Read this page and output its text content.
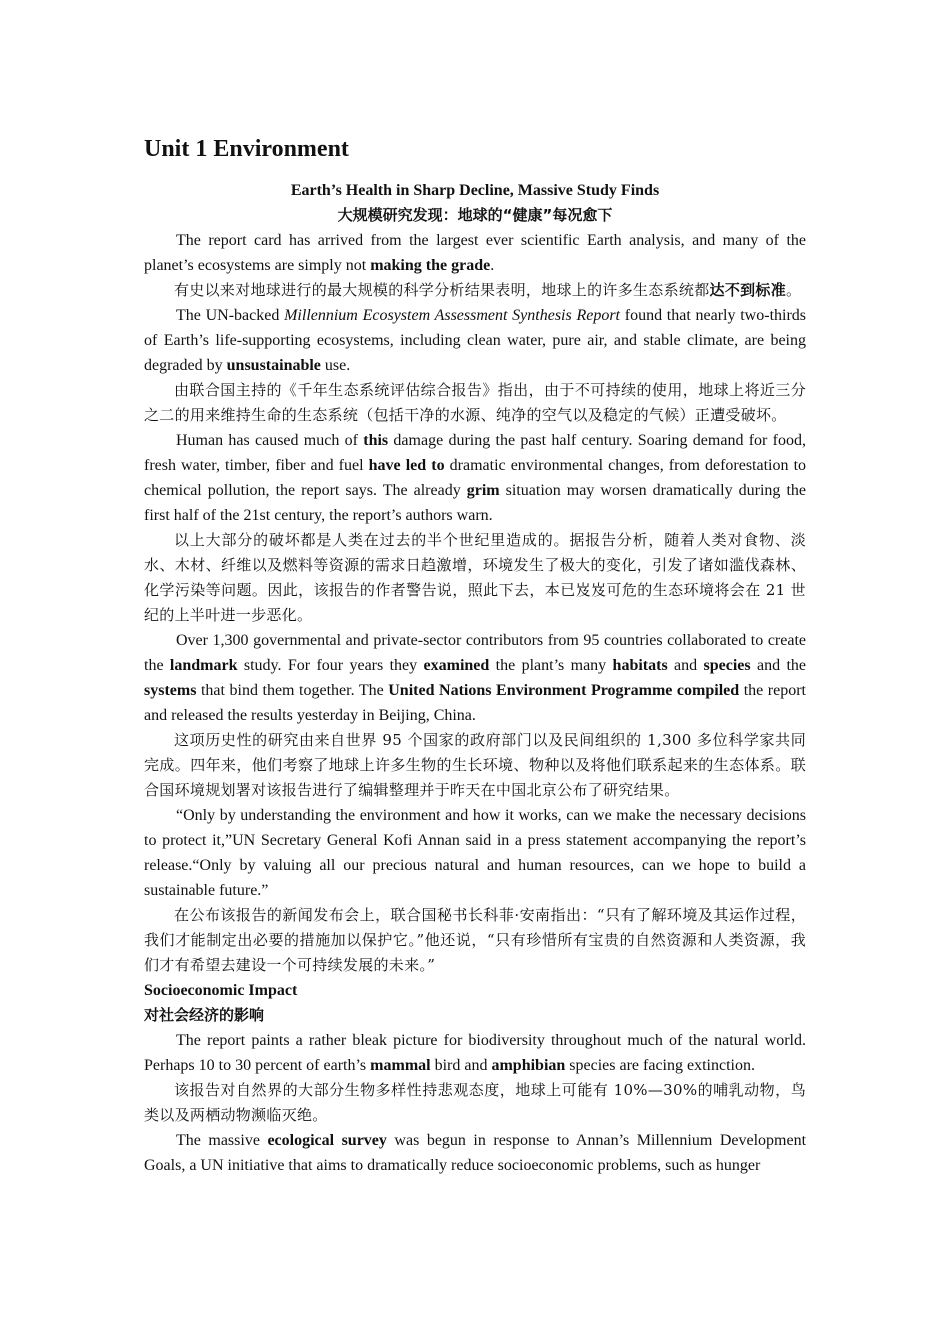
Unit 1 Environment
Earth’s Health in Sharp Decline, Massive Study Finds
大规模研究发现：地球的“健康”每况愈下

The report card has arrived from the largest ever scientific Earth analysis, and many of the planet’s ecosystems are simply not making the grade.

有史以来对地球进行的最大规模的科学分析结果表明，地球上的许多生态系统都达不到标准。

The UN-backed Millennium Ecosystem Assessment Synthesis Report found that nearly two-thirds of Earth’s life-supporting ecosystems, including clean water, pure air, and stable climate, are being degraded by unsustainable use.

由联合国主持的《千年生态系统评估综合报告》指出，由于不可持续的使用，地球上将近三分之二的用来维持生命的生态系统（包括干净的水源、纯净的空气以及稳定的气候）正遭受破坏。

Human has caused much of this damage during the past half century. Soaring demand for food, fresh water, timber, fiber and fuel have led to dramatic environmental changes, from deforestation to chemical pollution, the report says. The already grim situation may worsen dramatically during the first half of the 21st century, the report’s authors warn.

以上大部分的破坏都是人类在过去的半个世纪里造成的。据报告分析，随着人类对食物、淡水、木材、纤维以及燃料等资源的需求日趋激增，环境发生了极大的变化，引发了诸如滥伐森林、化学污染等问题。因此，该报告的作者警告说，照此下去，本已岌岌可危的生态环境将会在 21 世纪的上半叶进一步恶化。

Over 1,300 governmental and private-sector contributors from 95 countries collaborated to create the landmark study. For four years they examined the plant’s many habitats and species and the systems that bind them together. The United Nations Environment Programme compiled the report and released the results yesterday in Beijing, China.

这项历史性的研究由来自世界 95 个国家的政府部门以及民间组织的 1,300 多位科学家共同完成。四年来，他们考察了地球上许多生物的生长环境、物种以及将他们联系起来的生态体系。联合国环境规划署对该报告进行了编辑整理并于昨天在中国北京公布了研究结果。

“Only by understanding the environment and how it works, can we make the necessary decisions to protect it,”UN Secretary General Kofi Annan said in a press statement accompanying the report’s release.“Only by valuing all our precious natural and human resources, can we hope to build a sustainable future.”

在公布该报告的新闻发布会上，联合国秘书长科菲·安南指出：“只有了解环境及其运作过程，我们才能制定出必要的措施加以保护它。”他还说，“只有珍惜所有宝贵的自然资源和人类资源，我们才有希望去建设一个可持续发展的未来。”

Socioeconomic Impact
对社会经济的影响

The report paints a rather bleak picture for biodiversity throughout much of the natural world. Perhaps 10 to 30 percent of earth’s mammal bird and amphibian species are facing extinction.

该报告对自然界的大部分生物多样性持悲观态度，地球上可能有 10%—30%的哺乳动物，鸟类以及两栖动物濒临灭绝。

The massive ecological survey was begun in response to Annan’s Millennium Development Goals, a UN initiative that aims to dramatically reduce socioeconomic problems, such as hunger
